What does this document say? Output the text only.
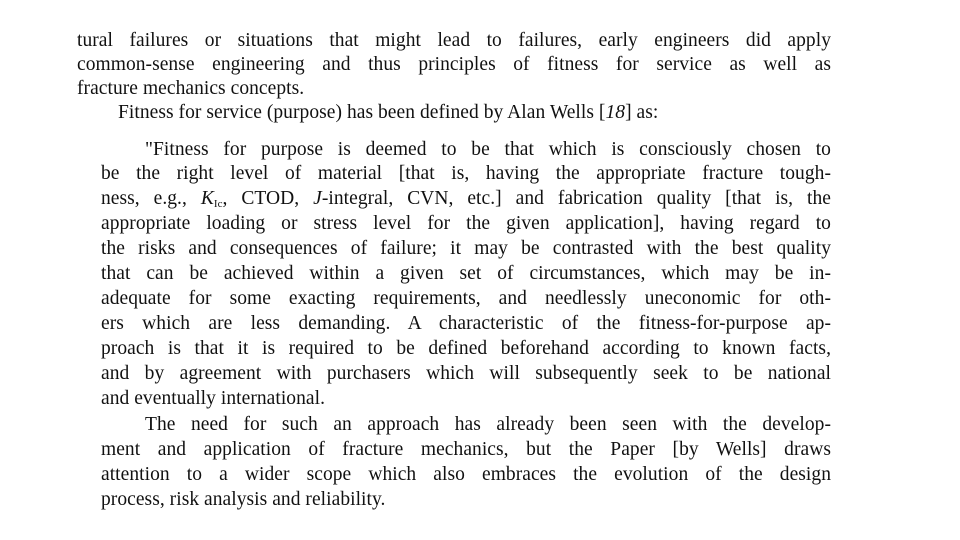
tural failures or situations that might lead to failures, early engineers did apply
common-sense engineering and thus principles of fitness for service as well as
fracture mechanics concepts.
Fitness for service (purpose) has been defined by Alan Wells [18] as:
"Fitness for purpose is deemed to be that which is consciously chosen to
be the right level of material [that is, having the appropriate fracture tough-
ness, e.g., $K_{Ic}$, CTOD, J-integral, CVN, etc.] and fabrication quality [that is, the
appropriate loading or stress level for the given application], having regard to
the risks and consequences of failure; it may be contrasted with the best quality
that can be achieved within a given set of circumstances, which may be in-
adequate for some exacting requirements, and needlessly uneconomic for oth-
ers which are less demanding. A characteristic of the fitness-for-purpose ap-
proach is that it is required to be defined beforehand according to known facts,
and by agreement with purchasers which will subsequently seek to be national
and eventually international.
The need for such an approach has already been seen with the develop-
ment and application of fracture mechanics, but the Paper [by Wells] draws
attention to a wider scope which also embraces the evolution of the design
process, risk analysis and reliability.
